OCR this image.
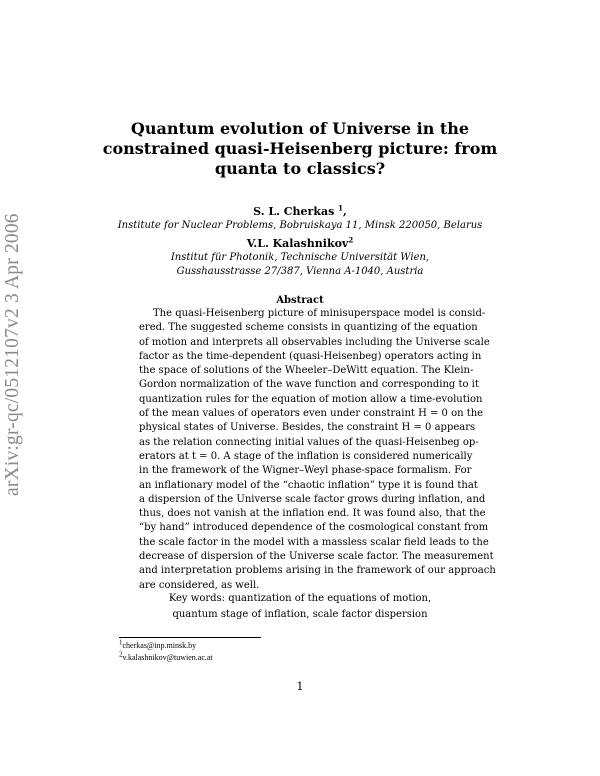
arXiv:gr-qc/0512107v2 3 Apr 2006
Quantum evolution of Universe in the
constrained quasi-Heisenberg picture: from
quanta to classics?
S. L. Cherkas $^1$,
Institute for Nuclear Problems, Bobruiskaya 11, Minsk 220050, Belarus
V.L. Kalashnikov$^2$
Institut für Photonik, Technische Universität Wien,
Gusshausstrasse 27/387, Vienna A-1040, Austria
Abstract
The quasi-Heisenberg picture of minisuperspace model is consid-
ered. The suggested scheme consists in quantizing of the equation
of motion and interprets all observables including the Universe scale
factor as the time-dependent (quasi-Heisenbeg) operators acting in
the space of solutions of the Wheeler–DeWitt equation. The Klein-
Gordon normalization of the wave function and corresponding to it
quantization rules for the equation of motion allow a time-evolution
of the mean values of operators even under constraint H = 0 on the
physical states of Universe. Besides, the constraint H = 0 appears
as the relation connecting initial values of the quasi-Heisenbeg op-
erators at t = 0. A stage of the inflation is considered numerically
in the framework of the Wigner–Weyl phase-space formalism. For
an inflationary model of the “chaotic inflation” type it is found that
a dispersion of the Universe scale factor grows during inflation, and
thus, does not vanish at the inflation end. It was found also, that the
“by hand” introduced dependence of the cosmological constant from
the scale factor in the model with a massless scalar field leads to the
decrease of dispersion of the Universe scale factor. The measurement
and interpretation problems arising in the framework of our approach
are considered, as well.
Key words: quantization of the equations of motion,
quantum stage of inflation, scale factor dispersion
$^1$cherkas@inp.minsk.by
$^2$v.kalashnikov@tuwien.ac.at
1
